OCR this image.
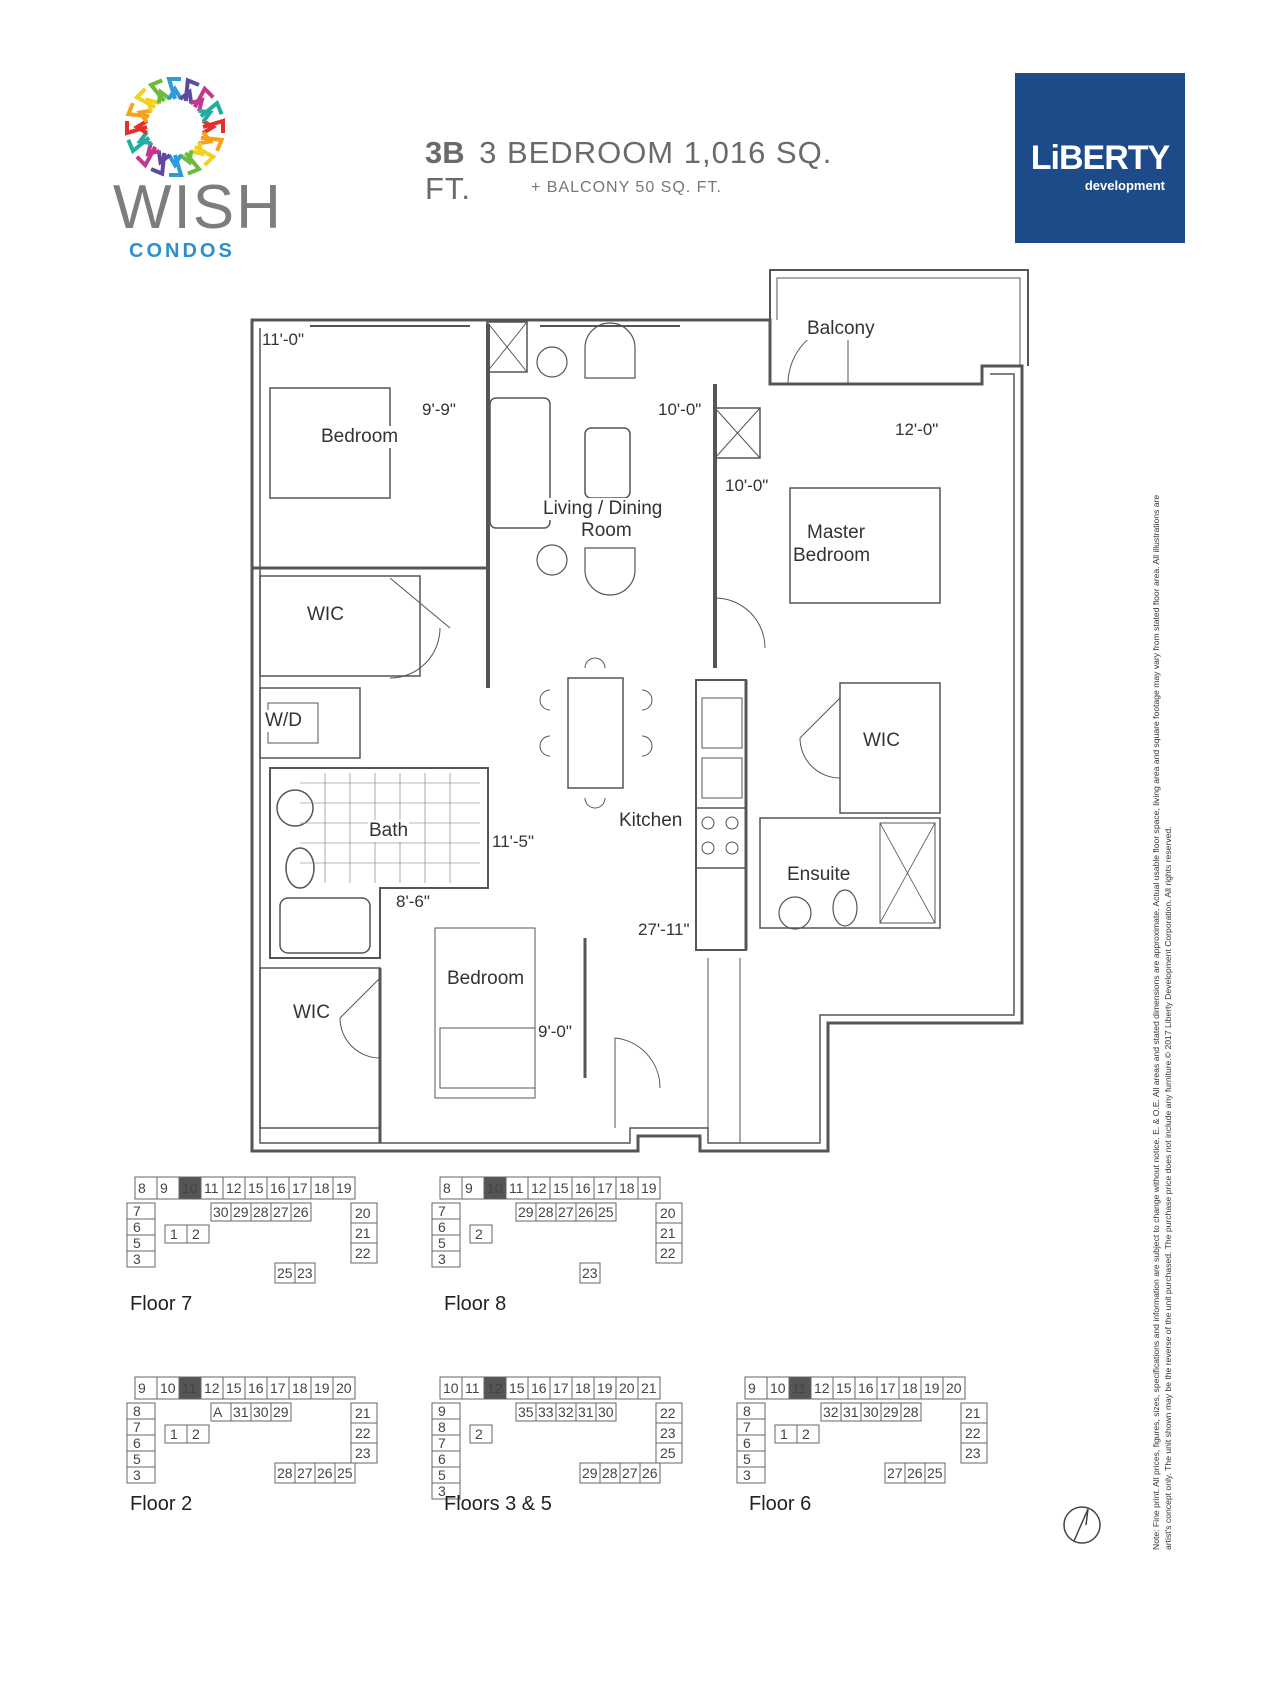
WISH
CONDOS
3B 3 BEDROOM 1,016 SQ. FT.	+ BALCONY 50 SQ. FT.
LiBERTY
development
Balcony
Bedroom
Living / Dining
Room	Master
Bedroom
WIC
W/D
WIC
Bath	Kitchen
Ensuite
Bedroom
WIC
11'-0"
9'-9"	10'-0"
12'-0"
10'-0"
11'-5"
8'-6"
27'-11"
9'-0"
8 9 10 11 12 15 16 17 18 19
7
6
5
3
1 2
30 29 28 27 26	20
21
22
25 23
Floor 7
8 9 10 11 12 15 16 17 18 19
7
6
5
3
2
29 28 27 26 25	20
21
22
23
Floor 8
9 10 11 12 15 16 17 18 19 20
8
7
6
5
3
1 2
A 31 30 29	21
22
23
28 27 26 25
Floor 2
10 11 12 15 16 17 18 19 20 21
9
8
7
6
5
3
2
35 33 32 31 30	22
23
25
29 28 27 26
Floors 3 & 5
9 10 11 12 15 16 17 18 19 20
8
7
6
5
3
1 2
32 31 30 29 28	21
22
23
27 26 25
Floor 6	Note: Fine print. All prices, figures, sizes, specifications and information are subject to change without notice. E. & O.E. All areas and stated dimensions are approximate. Actual usable floor space, living area and square footage may vary from stated floor area. All illustrations are artist's concept only. The unit shown may be the reverse of the unit purchased. The purchase price does not include any furniture.© 2017 Liberty Development Corporation. All rights reserved.
